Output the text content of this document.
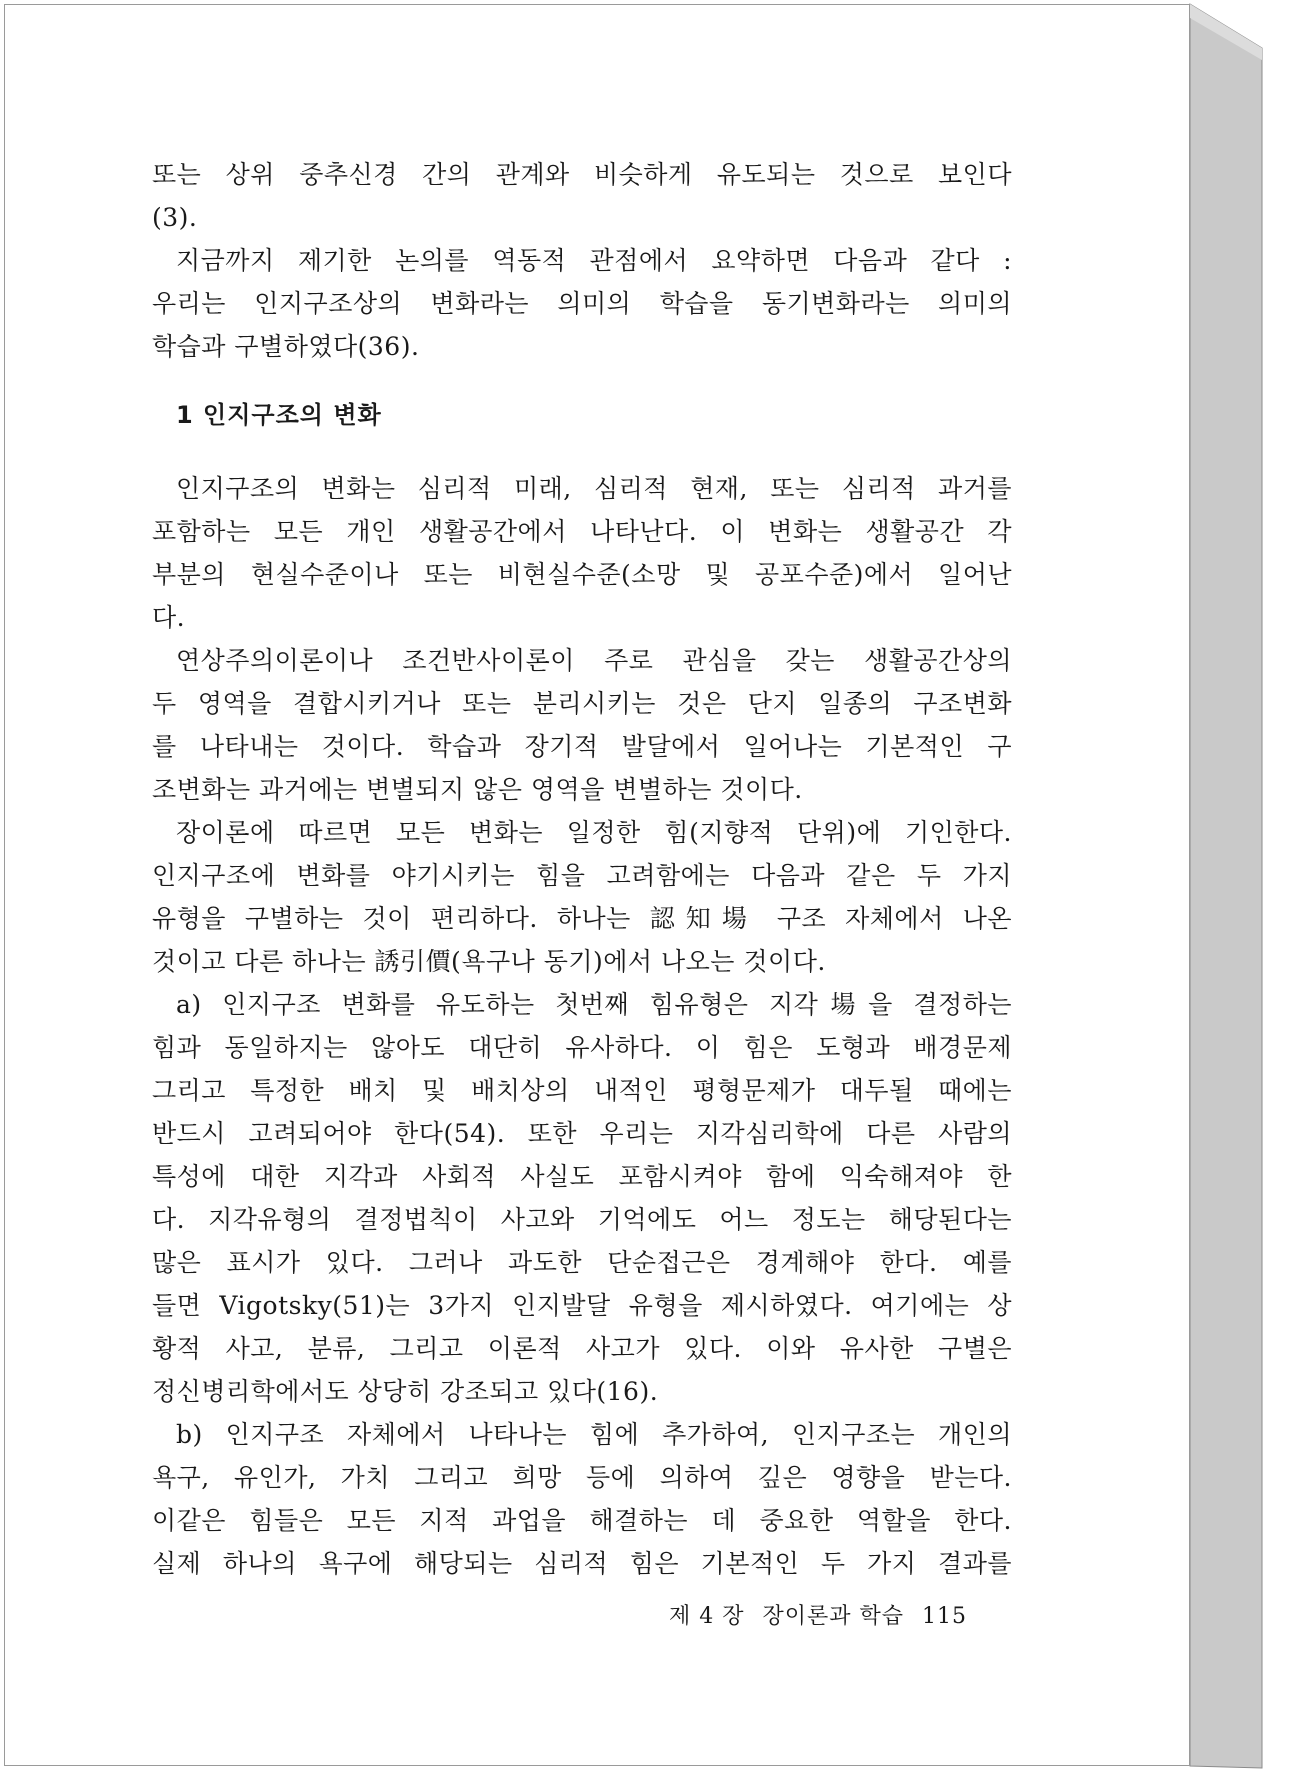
또는 상위 중추신경 간의 관계와 비슷하게 유도되는 것으로 보인다
(3).
지금까지 제기한 논의를 역동적 관점에서 요약하면 다음과 같다 :
우리는 인지구조상의 변화라는 의미의 학습을 동기변화라는 의미의
학습과 구별하였다(36).
1 인지구조의 변화
인지구조의 변화는 심리적 미래, 심리적 현재, 또는 심리적 과거를
포함하는 모든 개인 생활공간에서 나타난다. 이 변화는 생활공간 각
부분의 현실수준이나 또는 비현실수준(소망 및 공포수준)에서 일어난
다.
연상주의이론이나 조건반사이론이 주로 관심을 갖는 생활공간상의
두 영역을 결합시키거나 또는 분리시키는 것은 단지 일종의 구조변화
를 나타내는 것이다. 학습과 장기적 발달에서 일어나는 기본적인 구
조변화는 과거에는 변별되지 않은 영역을 변별하는 것이다.
장이론에 따르면 모든 변화는 일정한 힘(지향적 단위)에 기인한다.
인지구조에 변화를 야기시키는 힘을 고려함에는 다음과 같은 두 가지
유형을 구별하는 것이 편리하다. 하나는 認知場 구조 자체에서 나온
것이고 다른 하나는 誘引價(욕구나 동기)에서 나오는 것이다.
a) 인지구조 변화를 유도하는 첫번째 힘유형은 지각場을 결정하는
힘과 동일하지는 않아도 대단히 유사하다. 이 힘은 도형과 배경문제
그리고 특정한 배치 및 배치상의 내적인 평형문제가 대두될 때에는
반드시 고려되어야 한다(54). 또한 우리는 지각심리학에 다른 사람의
특성에 대한 지각과 사회적 사실도 포함시켜야 함에 익숙해져야 한
다. 지각유형의 결정법칙이 사고와 기억에도 어느 정도는 해당된다는
많은 표시가 있다. 그러나 과도한 단순접근은 경계해야 한다. 예를
들면 Vigotsky(51)는 3가지 인지발달 유형을 제시하였다. 여기에는 상
황적 사고, 분류, 그리고 이론적 사고가 있다. 이와 유사한 구별은
정신병리학에서도 상당히 강조되고 있다(16).
b) 인지구조 자체에서 나타나는 힘에 추가하여, 인지구조는 개인의
욕구, 유인가, 가치 그리고 희망 등에 의하여 깊은 영향을 받는다.
이같은 힘들은 모든 지적 과업을 해결하는 데 중요한 역할을 한다.
실제 하나의 욕구에 해당되는 심리적 힘은 기본적인 두 가지 결과를
제 4 장 장이론과 학습 115
